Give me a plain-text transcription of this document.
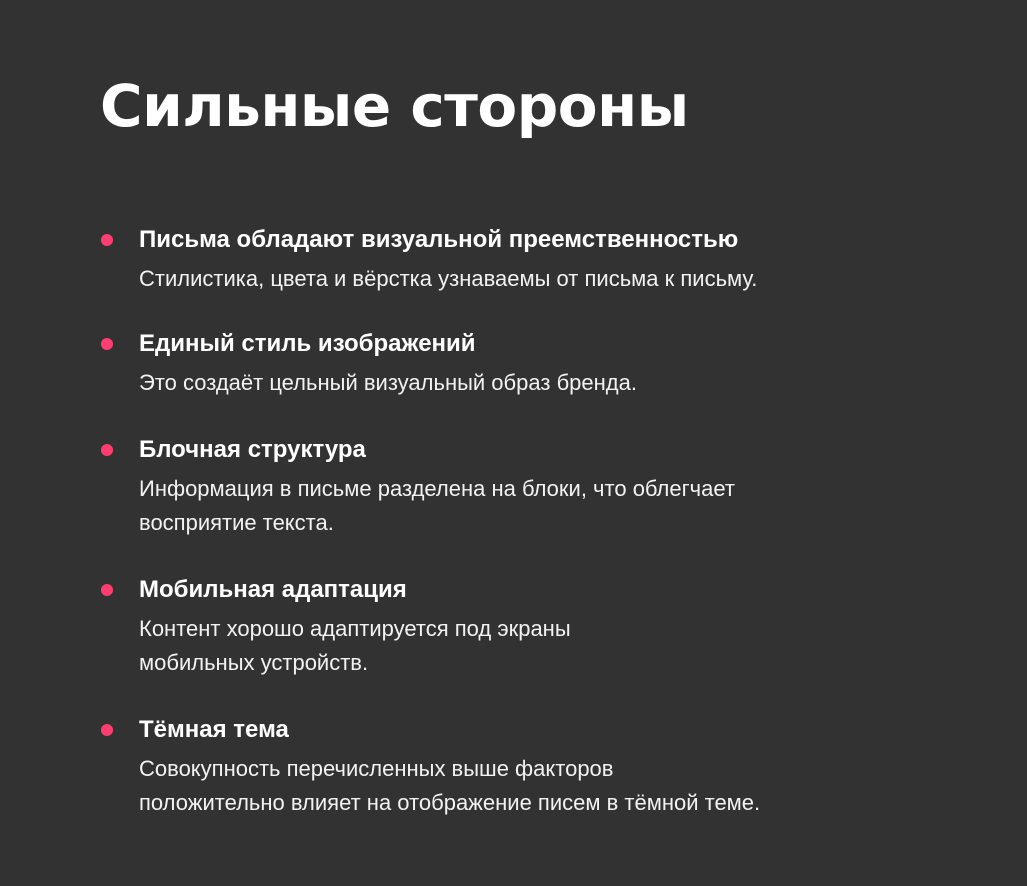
Сильные стороны
Письма обладают визуальной преемственностью
Стилистика, цвета и вёрстка узнаваемы от письма к письму.
Единый стиль изображений
Это создаёт цельный визуальный образ бренда.
Блочная структура
Информация в письме разделена на блоки, что облегчает
восприятие текста.
Мобильная адаптация
Контент хорошо адаптируется под экраны
мобильных устройств.
Тёмная тема
Совокупность перечисленных выше факторов
положительно влияет на отображение писем в тёмной теме.
